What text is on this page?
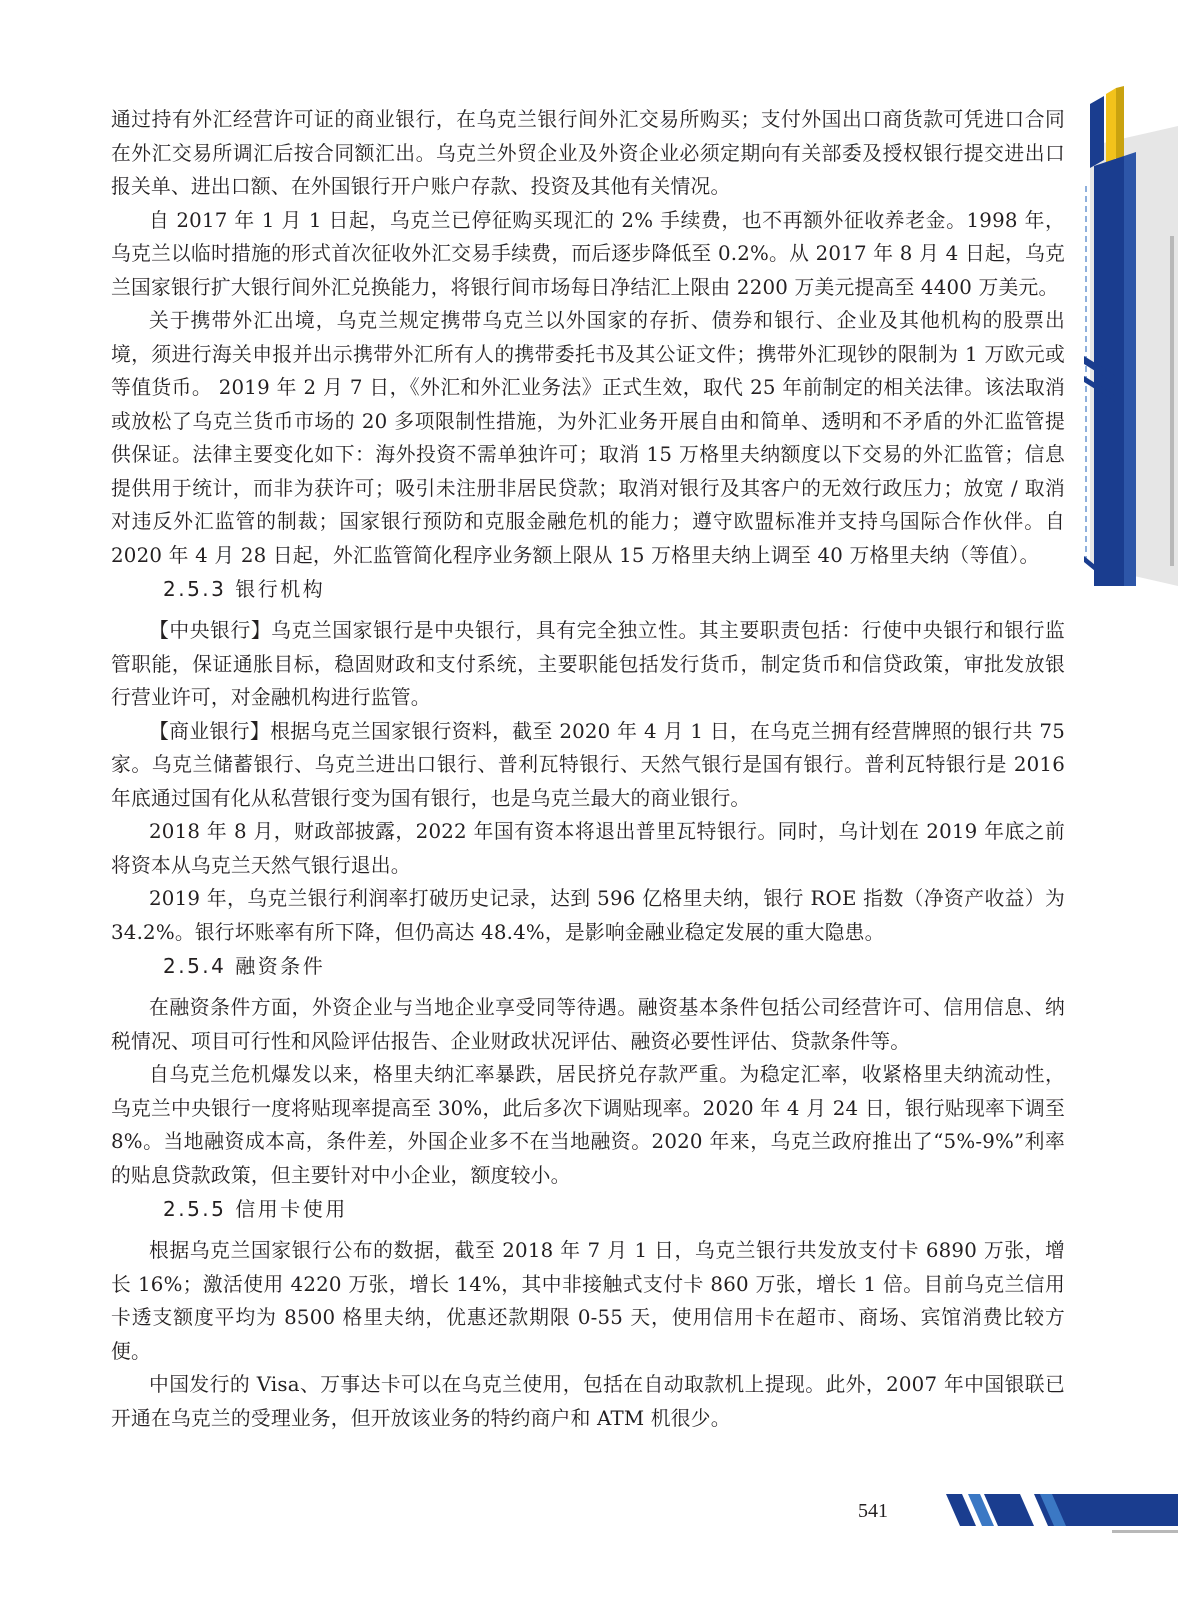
通过持有外汇经营许可证的商业银行，在乌克兰银行间外汇交易所购买；支付外国出口商货款可凭进口合同在外汇交易所调汇后按合同额汇出。乌克兰外贸企业及外资企业必须定期向有关部委及授权银行提交进出口报关单、进出口额、在外国银行开户账户存款、投资及其他有关情况。

自 2017 年 1 月 1 日起，乌克兰已停征购买现汇的 2% 手续费，也不再额外征收养老金。1998 年，乌克兰以临时措施的形式首次征收外汇交易手续费，而后逐步降低至 0.2%。从 2017 年 8 月 4 日起，乌克兰国家银行扩大银行间外汇兑换能力，将银行间市场每日净结汇上限由 2200 万美元提高至 4400 万美元。

关于携带外汇出境，乌克兰规定携带乌克兰以外国家的存折、债券和银行、企业及其他机构的股票出境，须进行海关申报并出示携带外汇所有人的携带委托书及其公证文件；携带外汇现钞的限制为 1 万欧元或等值货币。 2019 年 2 月 7 日，《外汇和外汇业务法》正式生效，取代 25 年前制定的相关法律。该法取消或放松了乌克兰货币市场的 20 多项限制性措施，为外汇业务开展自由和简单、透明和不矛盾的外汇监管提供保证。法律主要变化如下：海外投资不需单独许可；取消 15 万格里夫纳额度以下交易的外汇监管；信息提供用于统计，而非为获许可；吸引未注册非居民贷款；取消对银行及其客户的无效行政压力；放宽 / 取消对违反外汇监管的制裁；国家银行预防和克服金融危机的能力；遵守欧盟标准并支持乌国际合作伙伴。自 2020 年 4 月 28 日起，外汇监管简化程序业务额上限从 15 万格里夫纳上调至 40 万格里夫纳（等值）。

2.5.3 银行机构

【中央银行】乌克兰国家银行是中央银行，具有完全独立性。其主要职责包括：行使中央银行和银行监管职能，保证通胀目标，稳固财政和支付系统，主要职能包括发行货币，制定货币和信贷政策，审批发放银行营业许可，对金融机构进行监管。

【商业银行】根据乌克兰国家银行资料，截至 2020 年 4 月 1 日，在乌克兰拥有经营牌照的银行共 75 家。乌克兰储蓄银行、乌克兰进出口银行、普利瓦特银行、天然气银行是国有银行。普利瓦特银行是 2016 年底通过国有化从私营银行变为国有银行，也是乌克兰最大的商业银行。

2018 年 8 月，财政部披露，2022 年国有资本将退出普里瓦特银行。同时，乌计划在 2019 年底之前将资本从乌克兰天然气银行退出。

2019 年，乌克兰银行利润率打破历史记录，达到 596 亿格里夫纳，银行 ROE 指数（净资产收益）为 34.2%。银行坏账率有所下降，但仍高达 48.4%，是影响金融业稳定发展的重大隐患。

2.5.4 融资条件

在融资条件方面，外资企业与当地企业享受同等待遇。融资基本条件包括公司经营许可、信用信息、纳税情况、项目可行性和风险评估报告、企业财政状况评估、融资必要性评估、贷款条件等。

自乌克兰危机爆发以来，格里夫纳汇率暴跌，居民挤兑存款严重。为稳定汇率，收紧格里夫纳流动性，乌克兰中央银行一度将贴现率提高至 30%，此后多次下调贴现率。2020 年 4 月 24 日，银行贴现率下调至 8%。当地融资成本高，条件差，外国企业多不在当地融资。2020 年来，乌克兰政府推出了“5%-9%”利率的贴息贷款政策，但主要针对中小企业，额度较小。

2.5.5 信用卡使用

根据乌克兰国家银行公布的数据，截至 2018 年 7 月 1 日，乌克兰银行共发放支付卡 6890 万张，增长 16%；激活使用 4220 万张，增长 14%，其中非接触式支付卡 860 万张，增长 1 倍。目前乌克兰信用卡透支额度平均为 8500 格里夫纳，优惠还款期限 0-55 天，使用信用卡在超市、商场、宾馆消费比较方便。

中国发行的 Visa、万事达卡可以在乌克兰使用，包括在自动取款机上提现。此外，2007 年中国银联已开通在乌克兰的受理业务，但开放该业务的特约商户和 ATM 机很少。

541
